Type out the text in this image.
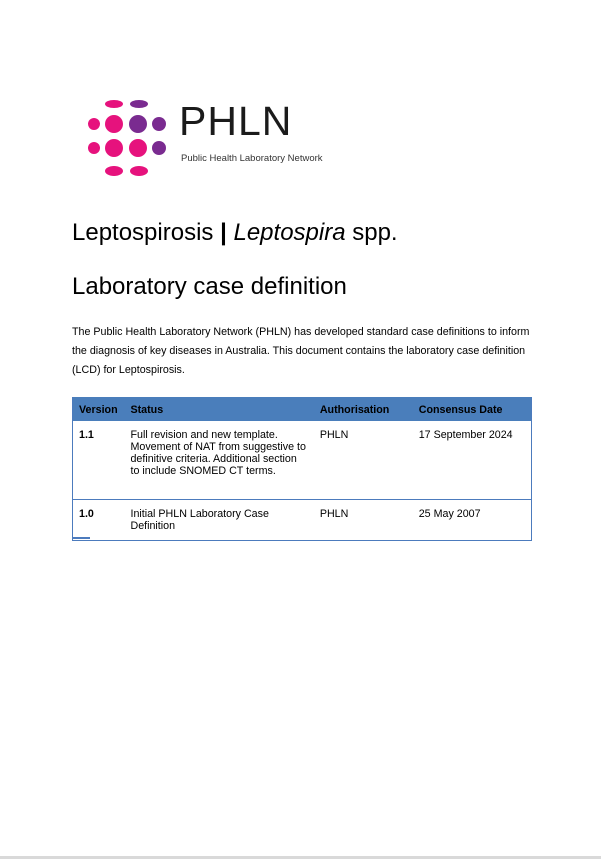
PHLN
Public Health Laboratory Network
Leptospirosis | Leptospira spp.
Laboratory case definition

The Public Health Laboratory Network (PHLN) has developed standard case definitions to inform the diagnosis of key diseases in Australia. This document contains the laboratory case definition (LCD) for Leptospirosis.

Version	Status	Authorisation	Consensus Date
1.1	Full revision and new template. Movement of NAT from suggestive to definitive criteria. Additional section to include SNOMED CT terms.	PHLN	17 September 2024
1.0	Initial PHLN Laboratory Case Definition	PHLN	25 May 2007
